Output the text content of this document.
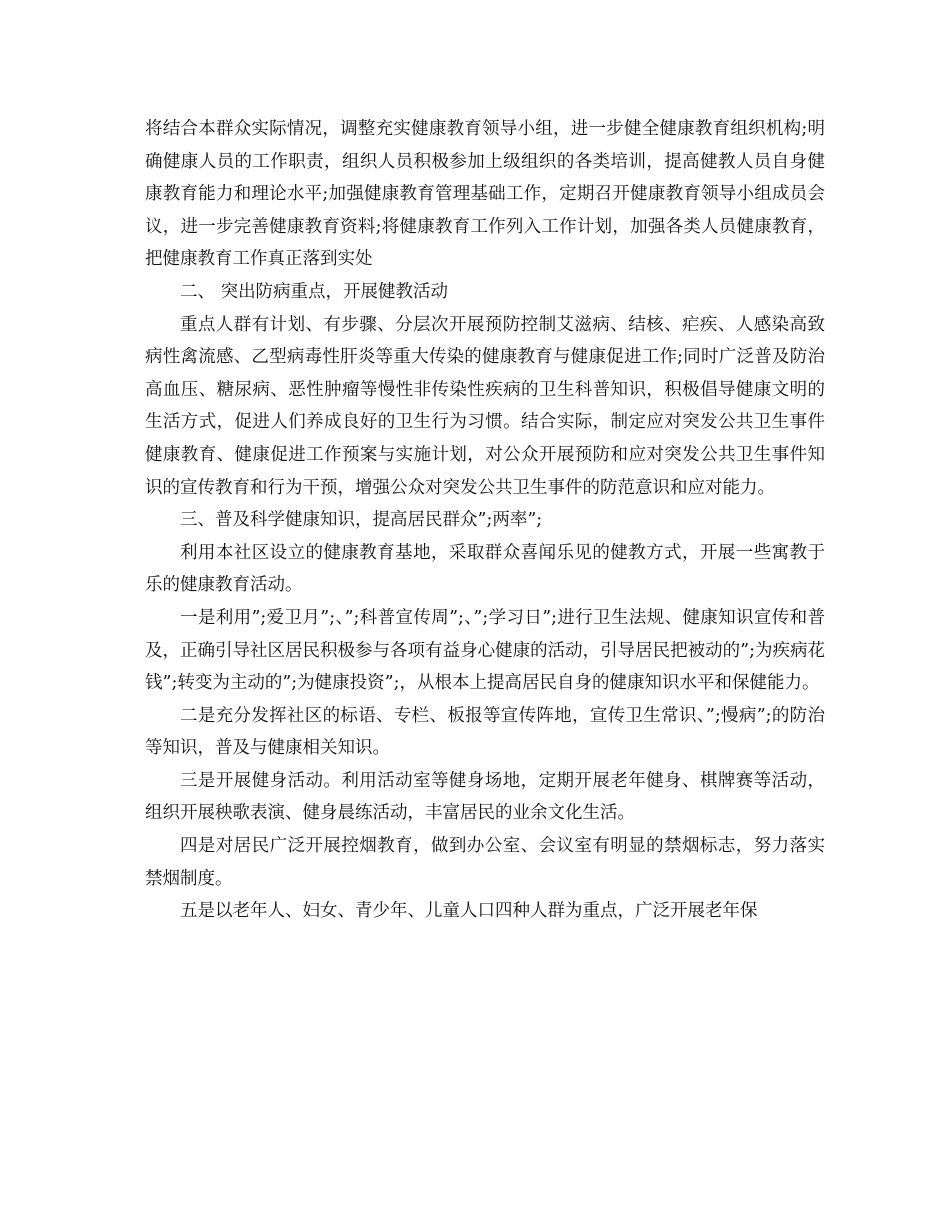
将结合本群众实际情况，调整充实健康教育领导小组，进一步健全健康教育组织机构;明确健康人员的工作职责，组织人员积极参加上级组织的各类培训，提高健教人员自身健康教育能力和理论水平;加强健康教育管理基础工作，定期召开健康教育领导小组成员会议，进一步完善健康教育资料;将健康教育工作列入工作计划，加强各类人员健康教育，把健康教育工作真正落到实处

二、 突出防病重点，开展健教活动

重点人群有计划、有步骤、分层次开展预防控制艾滋病、结核、疟疾、人感染高致病性禽流感、乙型病毒性肝炎等重大传染的健康教育与健康促进工作;同时广泛普及防治高血压、糖尿病、恶性肿瘤等慢性非传染性疾病的卫生科普知识，积极倡导健康文明的生活方式，促进人们养成良好的卫生行为习惯。结合实际，制定应对突发公共卫生事件健康教育、健康促进工作预案与实施计划，对公众开展预防和应对突发公共卫生事件知识的宣传教育和行为干预，增强公众对突发公共卫生事件的防范意识和应对能力。

三、普及科学健康知识，提高居民群众”;两率”;

利用本社区设立的健康教育基地，采取群众喜闻乐见的健教方式，开展一些寓教于乐的健康教育活动。

一是利用”;爱卫月”;、”;科普宣传周”;、”;学习日”;进行卫生法规、健康知识宣传和普及，正确引导社区居民积极参与各项有益身心健康的活动，引导居民把被动的”;为疾病花钱”;转变为主动的”;为健康投资”;，从根本上提高居民自身的健康知识水平和保健能力。

二是充分发挥社区的标语、专栏、板报等宣传阵地，宣传卫生常识、”;慢病”;的防治等知识，普及与健康相关知识。

三是开展健身活动。利用活动室等健身场地，定期开展老年健身、棋牌赛等活动，组织开展秧歌表演、健身晨练活动，丰富居民的业余文化生活。

四是对居民广泛开展控烟教育，做到办公室、会议室有明显的禁烟标志，努力落实禁烟制度。

五是以老年人、妇女、青少年、儿童人口四种人群为重点，广泛开展老年保
